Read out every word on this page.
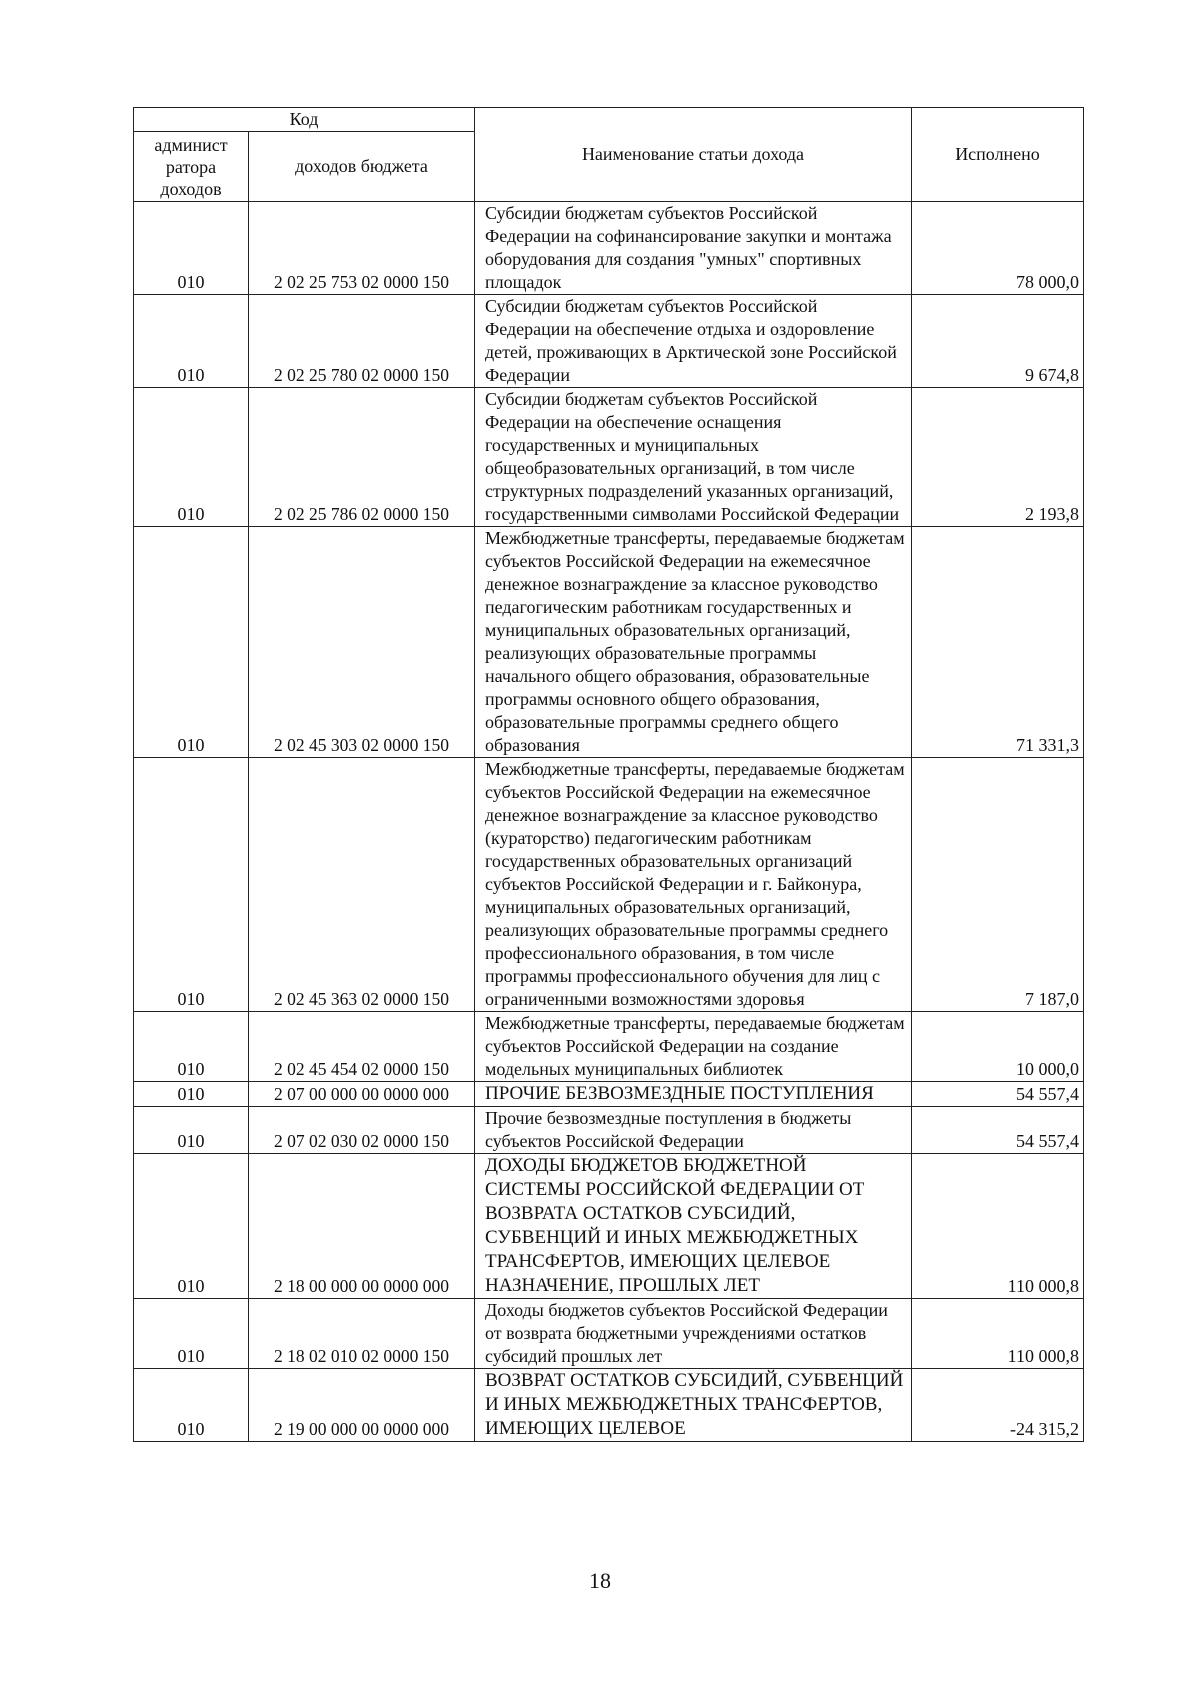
Код		Наименование статьи дохода	Исполнено
админист ратора доходов	доходов бюджета		
010	2 02 25 753 02 0000 150	Субсидии бюджетам субъектов Российской Федерации на софинансирование закупки и монтажа оборудования для создания "умных" спортивных площадок	78 000,0
010	2 02 25 780 02 0000 150	Субсидии бюджетам субъектов Российской Федерации на обеспечение отдыха и оздоровление детей, проживающих в Арктической зоне Российской Федерации	9 674,8
010	2 02 25 786 02 0000 150	Субсидии бюджетам субъектов Российской Федерации на обеспечение оснащения государственных и муниципальных общеобразовательных организаций, в том числе структурных подразделений указанных организаций, государственными символами Российской Федерации	2 193,8
010	2 02 45 303 02 0000 150	Межбюджетные трансферты, передаваемые бюджетам субъектов Российской Федерации на ежемесячное денежное вознаграждение за классное руководство педагогическим работникам государственных и муниципальных образовательных организаций, реализующих образовательные программы начального общего образования, образовательные программы основного общего образования, образовательные программы среднего общего образования	71 331,3
010	2 02 45 363 02 0000 150	Межбюджетные трансферты, передаваемые бюджетам субъектов Российской Федерации на ежемесячное денежное вознаграждение за классное руководство (кураторство) педагогическим работникам государственных образовательных организаций субъектов Российской Федерации и г. Байконура, муниципальных образовательных организаций, реализующих образовательные программы среднего профессионального образования, в том числе программы профессионального обучения для лиц с ограниченными возможностями здоровья	7 187,0
010	2 02 45 454 02 0000 150	Межбюджетные трансферты, передаваемые бюджетам субъектов Российской Федерации на создание модельных муниципальных библиотек	10 000,0
010	2 07 00 000 00 0000 000	ПРОЧИЕ БЕЗВОЗМЕЗДНЫЕ ПОСТУПЛЕНИЯ	54 557,4
010	2 07 02 030 02 0000 150	Прочие безвозмездные поступления в бюджеты субъектов Российской Федерации	54 557,4
010	2 18 00 000 00 0000 000	ДОХОДЫ БЮДЖЕТОВ БЮДЖЕТНОЙ СИСТЕМЫ РОССИЙСКОЙ ФЕДЕРАЦИИ ОТ ВОЗВРАТА ОСТАТКОВ СУБСИДИЙ, СУБВЕНЦИЙ И ИНЫХ МЕЖБЮДЖЕТНЫХ ТРАНСФЕРТОВ, ИМЕЮЩИХ ЦЕЛЕВОЕ НАЗНАЧЕНИЕ, ПРОШЛЫХ ЛЕТ	110 000,8
010	2 18 02 010 02 0000 150	Доходы бюджетов субъектов Российской Федерации от возврата бюджетными учреждениями остатков субсидий прошлых лет	110 000,8
010	2 19 00 000 00 0000 000	ВОЗВРАТ ОСТАТКОВ СУБСИДИЙ, СУБВЕНЦИЙ И ИНЫХ МЕЖБЮДЖЕТНЫХ ТРАНСФЕРТОВ, ИМЕЮЩИХ ЦЕЛЕВОЕ	-24 315,2
18
